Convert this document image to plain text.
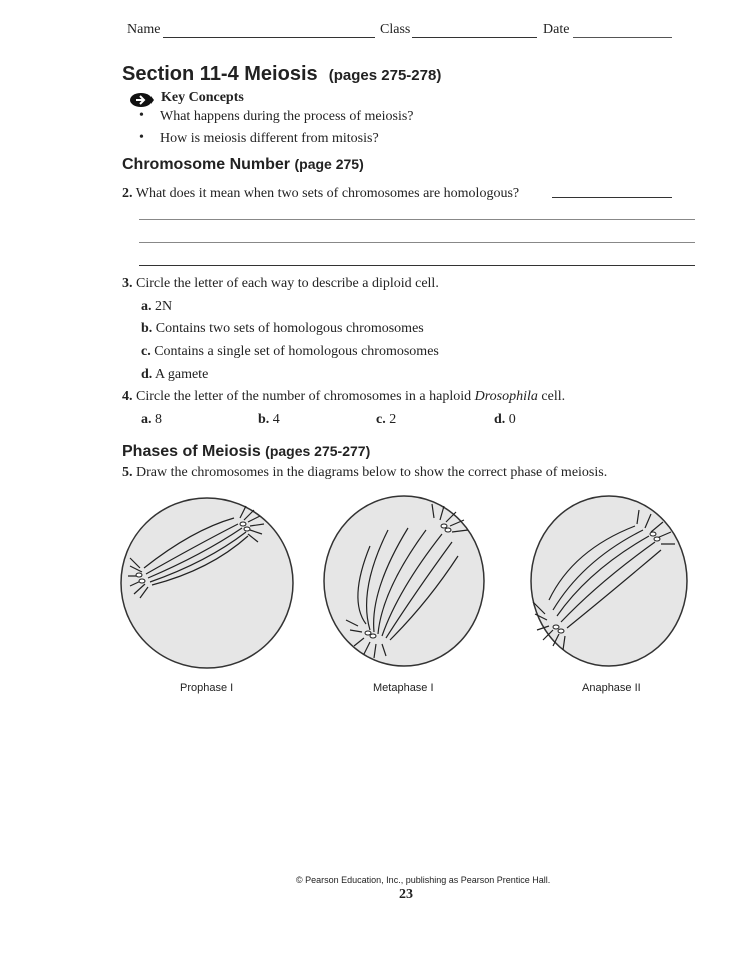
Name	Class	Date
Section 11-4 Meiosis (pages 275-278)
Key Concepts
• What happens during the process of meiosis?
• How is meiosis different from mitosis?
Chromosome Number (page 275)
2. What does it mean when two sets of chromosomes are homologous?
3. Circle the letter of each way to describe a diploid cell.
a. 2N
b. Contains two sets of homologous chromosomes
c. Contains a single set of homologous chromosomes
d. A gamete
4. Circle the letter of the number of chromosomes in a haploid Drosophila cell.
a. 8	b. 4	c. 2	d. 0
Phases of Meiosis (pages 275-277)
5. Draw the chromosomes in the diagrams below to show the correct phase of meiosis.
Prophase I	Metaphase I	Anaphase II
© Pearson Education, Inc., publishing as Pearson Prentice Hall.
23
